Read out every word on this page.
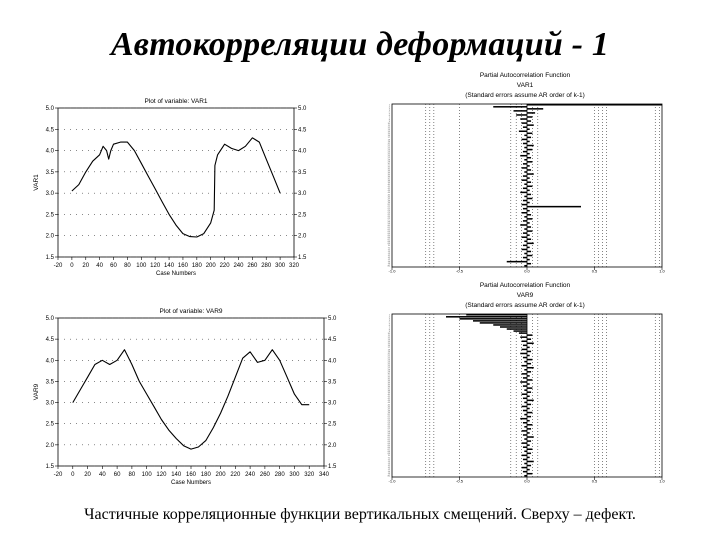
Автокорреляции деформаций - 1
Plot of variable: VAR1
1.5	1.5
2.0	2.0
2.5	2.5
3.0	3.0
3.5	3.5
4.0	4.0
4.5	4.5
5.0	5.0
-20 0 20 40 60 80 100 120 140 160 180 200 220 240 260 280 300 320
Case Numbers
VAR1
Plot of variable: VAR9
1.5	1.5
2.0	2.0
2.5	2.5
3.0	3.0
3.5	3.5
4.0	4.0
4.5	4.5
5.0	5.0
-20 0 20 40 60 80 100 120 140 160 180 200 220 240 260 280 300 320 340
Case Numbers
VAR9
Partial Autocorrelation Function
VAR1
(Standard errors assume AR order of k-1)
1
2
3
4
5
6
7
8
9
10
11
12
13
14
15
16
17
18
19
20
21
22
23
24
25
26
27
28
29
30
31
32
33
34
35
36
37
38
39
40
41
42
43
44
45
46
47
48
49
50
51
52
53
54
55
56
57
58
59
60
61
62
63
64
65
66
67
68
69
70
71
72
73
74
75
76
77
78
79
80
-1.0	-0.5	0.0	0.5	1.0
Partial Autocorrelation Function
VAR9
(Standard errors assume AR order of k-1)
1
2
3
4
5
6
7
8
9
10
11
12
13
14
15
16
17
18
19
20
21
22
23
24
25
26
27
28
29
30
31
32
33
34
35
36
37
38
39
40
41
42
43
44
45
46
47
48
49
50
51
52
53
54
55
56
57
58
59
60
61
62
63
64
65
66
67
68
69
70
71
72
73
74
75
76
77
78
79
80
-1.0	-0.5	0.0	0.5	1.0
Частичные корреляционные функции вертикальных смещений. Сверху – дефект.
